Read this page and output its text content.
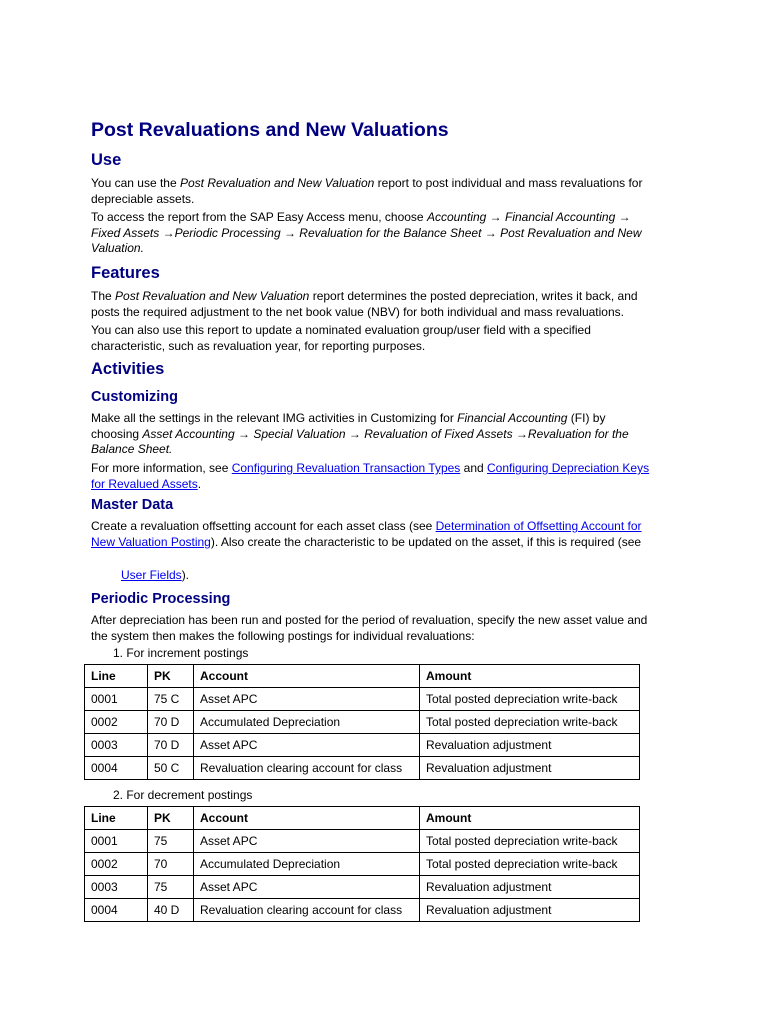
Post Revaluations and New Valuations
Use
You can use the Post Revaluation and New Valuation report to post individual and mass revaluations for
depreciable assets.
To access the report from the SAP Easy Access menu, choose Accounting → Financial Accounting →
Fixed Assets →Periodic Processing → Revaluation for the Balance Sheet → Post Revaluation and New
Valuation.
Features
The Post Revaluation and New Valuation report determines the posted depreciation, writes it back, and
posts the required adjustment to the net book value (NBV) for both individual and mass revaluations.
You can also use this report to update a nominated evaluation group/user field with a specified
characteristic, such as revaluation year, for reporting purposes.
Activities
Customizing
Make all the settings in the relevant IMG activities in Customizing for Financial Accounting (FI) by
choosing Asset Accounting → Special Valuation → Revaluation of Fixed Assets →Revaluation for the
Balance Sheet.
For more information, see Configuring Revaluation Transaction Types and Configuring Depreciation Keys
for Revalued Assets.
Master Data
Create a revaluation offsetting account for each asset class (see Determination of Offsetting Account for
New Valuation Posting). Also create the characteristic to be updated on the asset, if this is required (see
User Fields).
Periodic Processing
After depreciation has been run and posted for the period of revaluation, specify the new asset value and
the system then makes the following postings for individual revaluations:
1. For increment postings
Line	PK	Account	Amount
0001	75 C	Asset APC	Total posted depreciation write-back
0002	70 D	Accumulated Depreciation	Total posted depreciation write-back
0003	70 D	Asset APC	Revaluation adjustment
0004	50 C	Revaluation clearing account for class	Revaluation adjustment
2. For decrement postings
Line	PK	Account	Amount
0001	75	Asset APC	Total posted depreciation write-back
0002	70	Accumulated Depreciation	Total posted depreciation write-back
0003	75	Asset APC	Revaluation adjustment
0004	40 D	Revaluation clearing account for class	Revaluation adjustment
